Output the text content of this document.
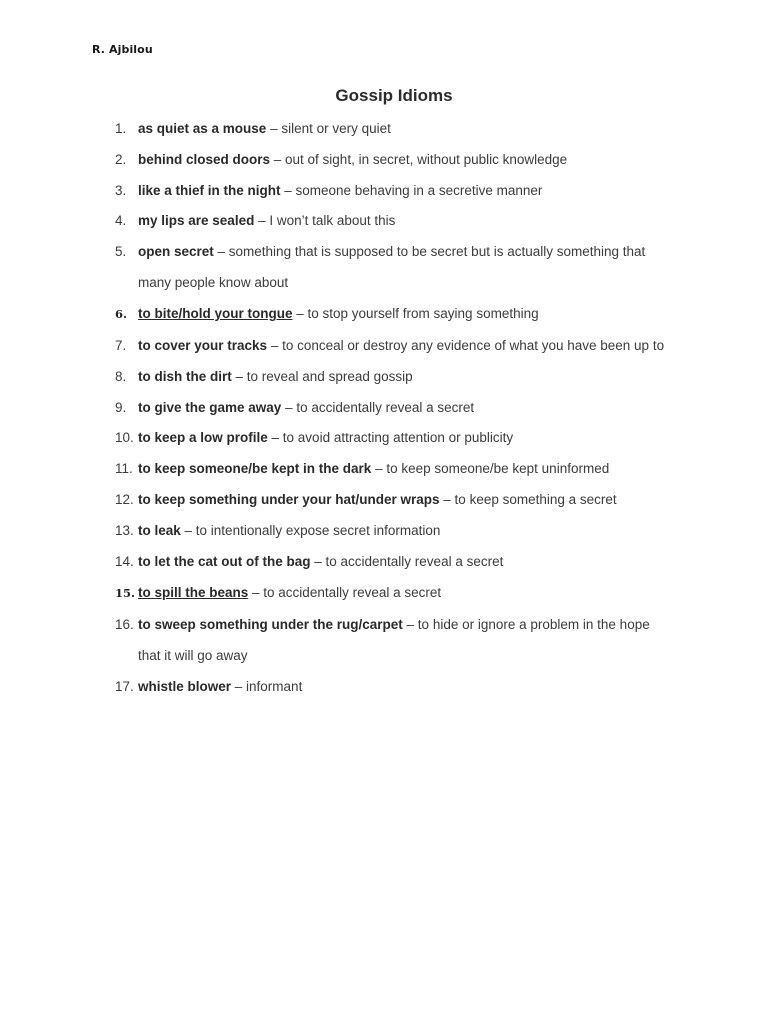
R. Ajbilou
Gossip Idioms
1. as quiet as a mouse – silent or very quiet
2. behind closed doors – out of sight, in secret, without public knowledge
3. like a thief in the night – someone behaving in a secretive manner
4. my lips are sealed – I won’t talk about this
5. open secret – something that is supposed to be secret but is actually something that
many people know about
6. to bite/hold your tongue – to stop yourself from saying something
7. to cover your tracks – to conceal or destroy any evidence of what you have been up to
8. to dish the dirt – to reveal and spread gossip
9. to give the game away – to accidentally reveal a secret
10. to keep a low profile – to avoid attracting attention or publicity
11. to keep someone/be kept in the dark – to keep someone/be kept uninformed
12. to keep something under your hat/under wraps – to keep something a secret
13. to leak – to intentionally expose secret information
14. to let the cat out of the bag – to accidentally reveal a secret
15. to spill the beans – to accidentally reveal a secret
16. to sweep something under the rug/carpet – to hide or ignore a problem in the hope
that it will go away
17. whistle blower – informant
